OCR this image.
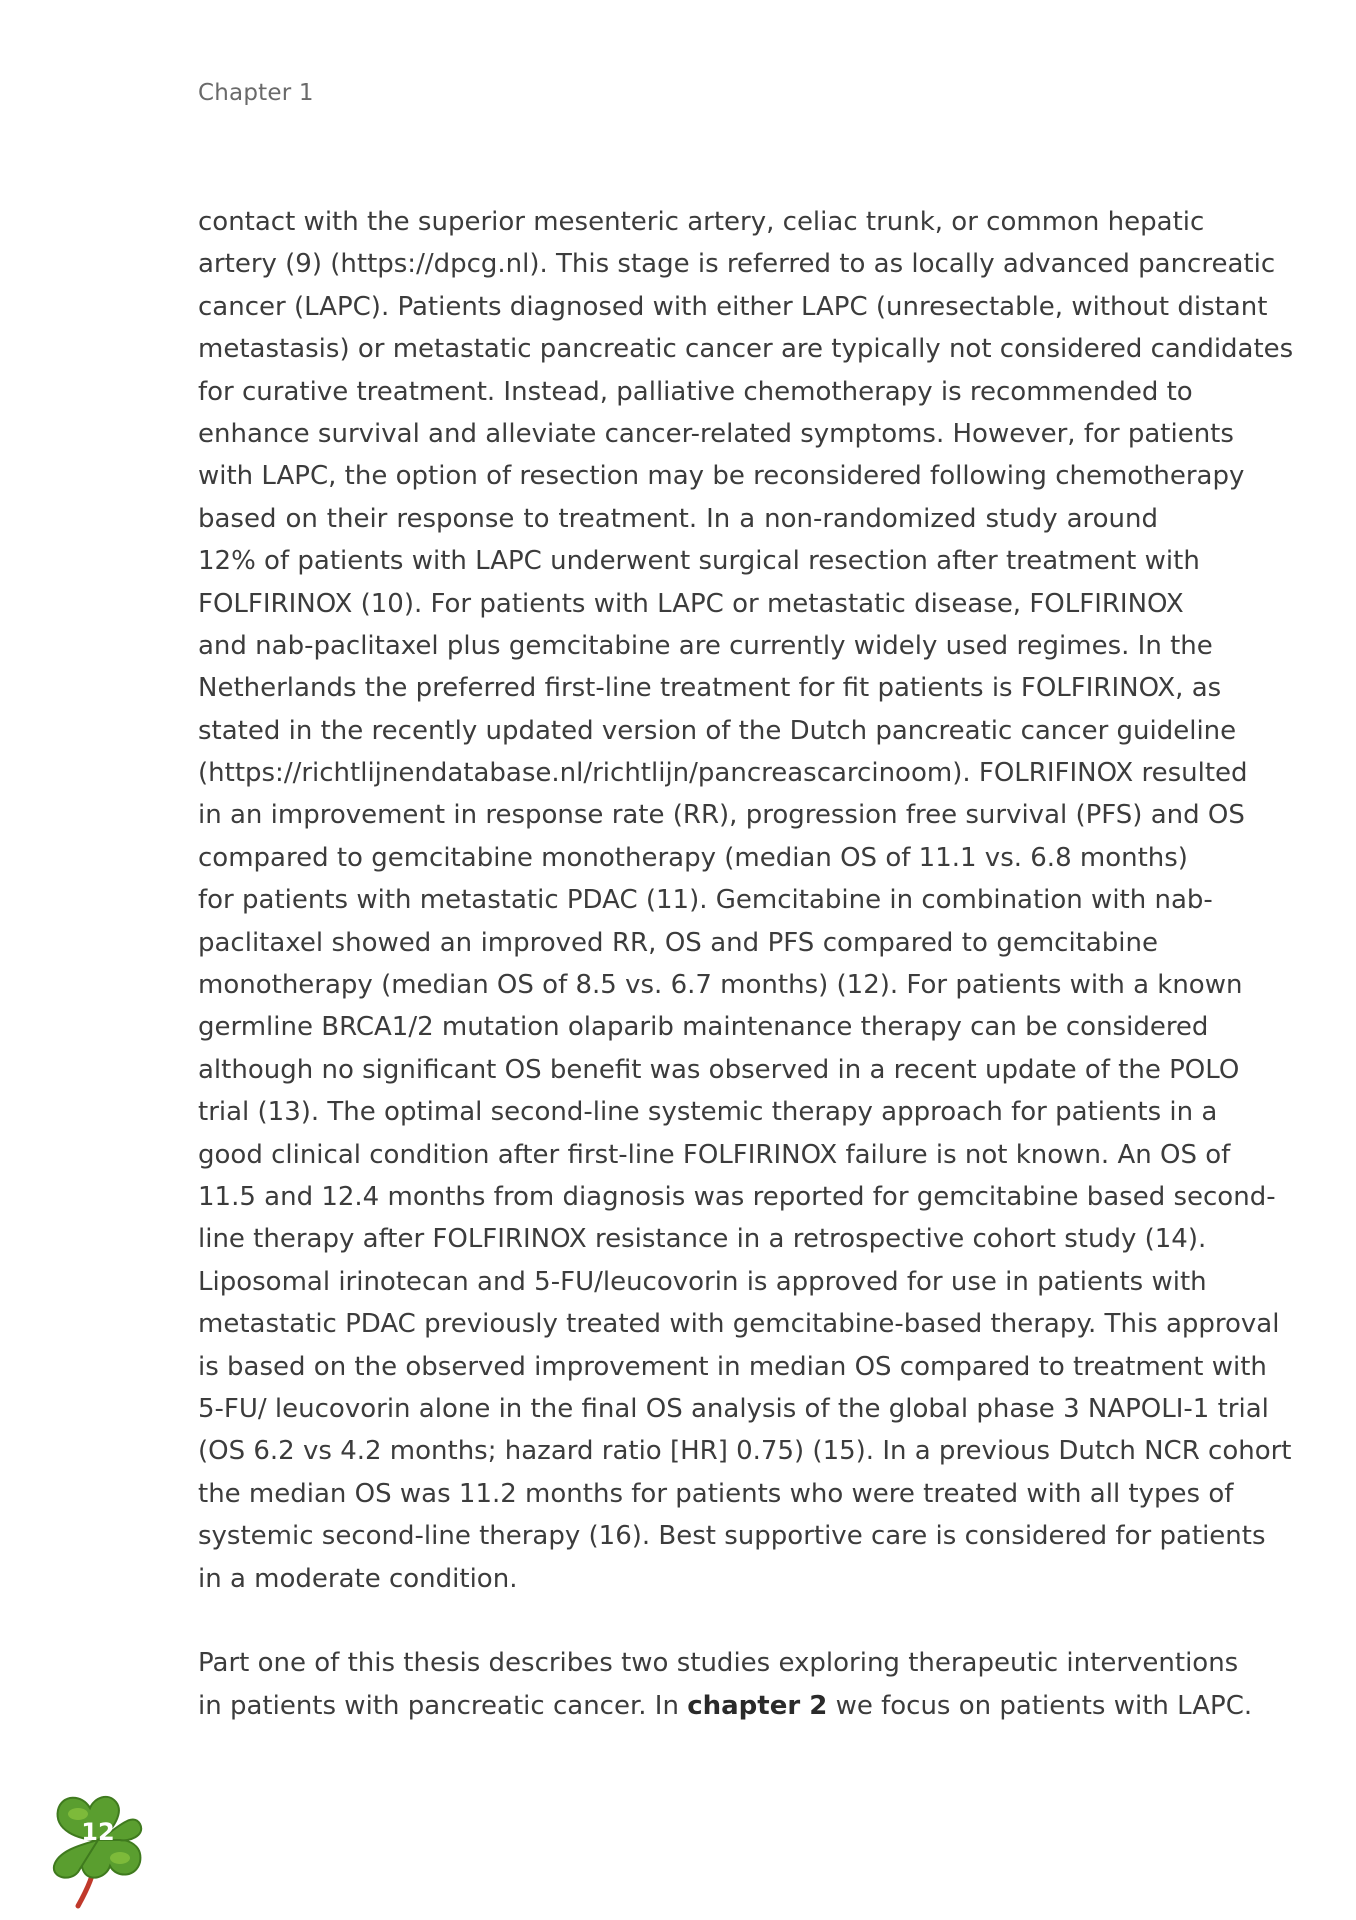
Chapter 1
contact with the superior mesenteric artery, celiac trunk, or common hepatic
artery (9) (https://dpcg.nl). This stage is referred to as locally advanced pancreatic
cancer (LAPC). Patients diagnosed with either LAPC (unresectable, without distant
metastasis) or metastatic pancreatic cancer are typically not considered candidates
for curative treatment. Instead, palliative chemotherapy is recommended to
enhance survival and alleviate cancer-related symptoms. However, for patients
with LAPC, the option of resection may be reconsidered following chemotherapy
based on their response to treatment. In a non-randomized study around
12% of patients with LAPC underwent surgical resection after treatment with
FOLFIRINOX (10). For patients with LAPC or metastatic disease, FOLFIRINOX
and nab-paclitaxel plus gemcitabine are currently widely used regimes. In the
Netherlands the preferred first-line treatment for fit patients is FOLFIRINOX, as
stated in the recently updated version of the Dutch pancreatic cancer guideline
(https://richtlijnendatabase.nl/richtlijn/pancreascarcinoom). FOLRIFINOX resulted
in an improvement in response rate (RR), progression free survival (PFS) and OS
compared to gemcitabine monotherapy (median OS of 11.1 vs. 6.8 months)
for patients with metastatic PDAC (11). Gemcitabine in combination with nab-
paclitaxel showed an improved RR, OS and PFS compared to gemcitabine
monotherapy (median OS of 8.5 vs. 6.7 months) (12). For patients with a known
germline BRCA1/2 mutation olaparib maintenance therapy can be considered
although no significant OS benefit was observed in a recent update of the POLO
trial (13). The optimal second-line systemic therapy approach for patients in a
good clinical condition after first-line FOLFIRINOX failure is not known. An OS of
11.5 and 12.4 months from diagnosis was reported for gemcitabine based second-
line therapy after FOLFIRINOX resistance in a retrospective cohort study (14).
Liposomal irinotecan and 5-FU/leucovorin is approved for use in patients with
metastatic PDAC previously treated with gemcitabine-based therapy. This approval
is based on the observed improvement in median OS compared to treatment with
5-FU/ leucovorin alone in the final OS analysis of the global phase 3 NAPOLI-1 trial
(OS 6.2 vs 4.2 months; hazard ratio [HR] 0.75) (15). In a previous Dutch NCR cohort
the median OS was 11.2 months for patients who were treated with all types of
systemic second-line therapy (16). Best supportive care is considered for patients
in a moderate condition.
Part one of this thesis describes two studies exploring therapeutic interventions
in patients with pancreatic cancer. In chapter 2 we focus on patients with LAPC.
12
